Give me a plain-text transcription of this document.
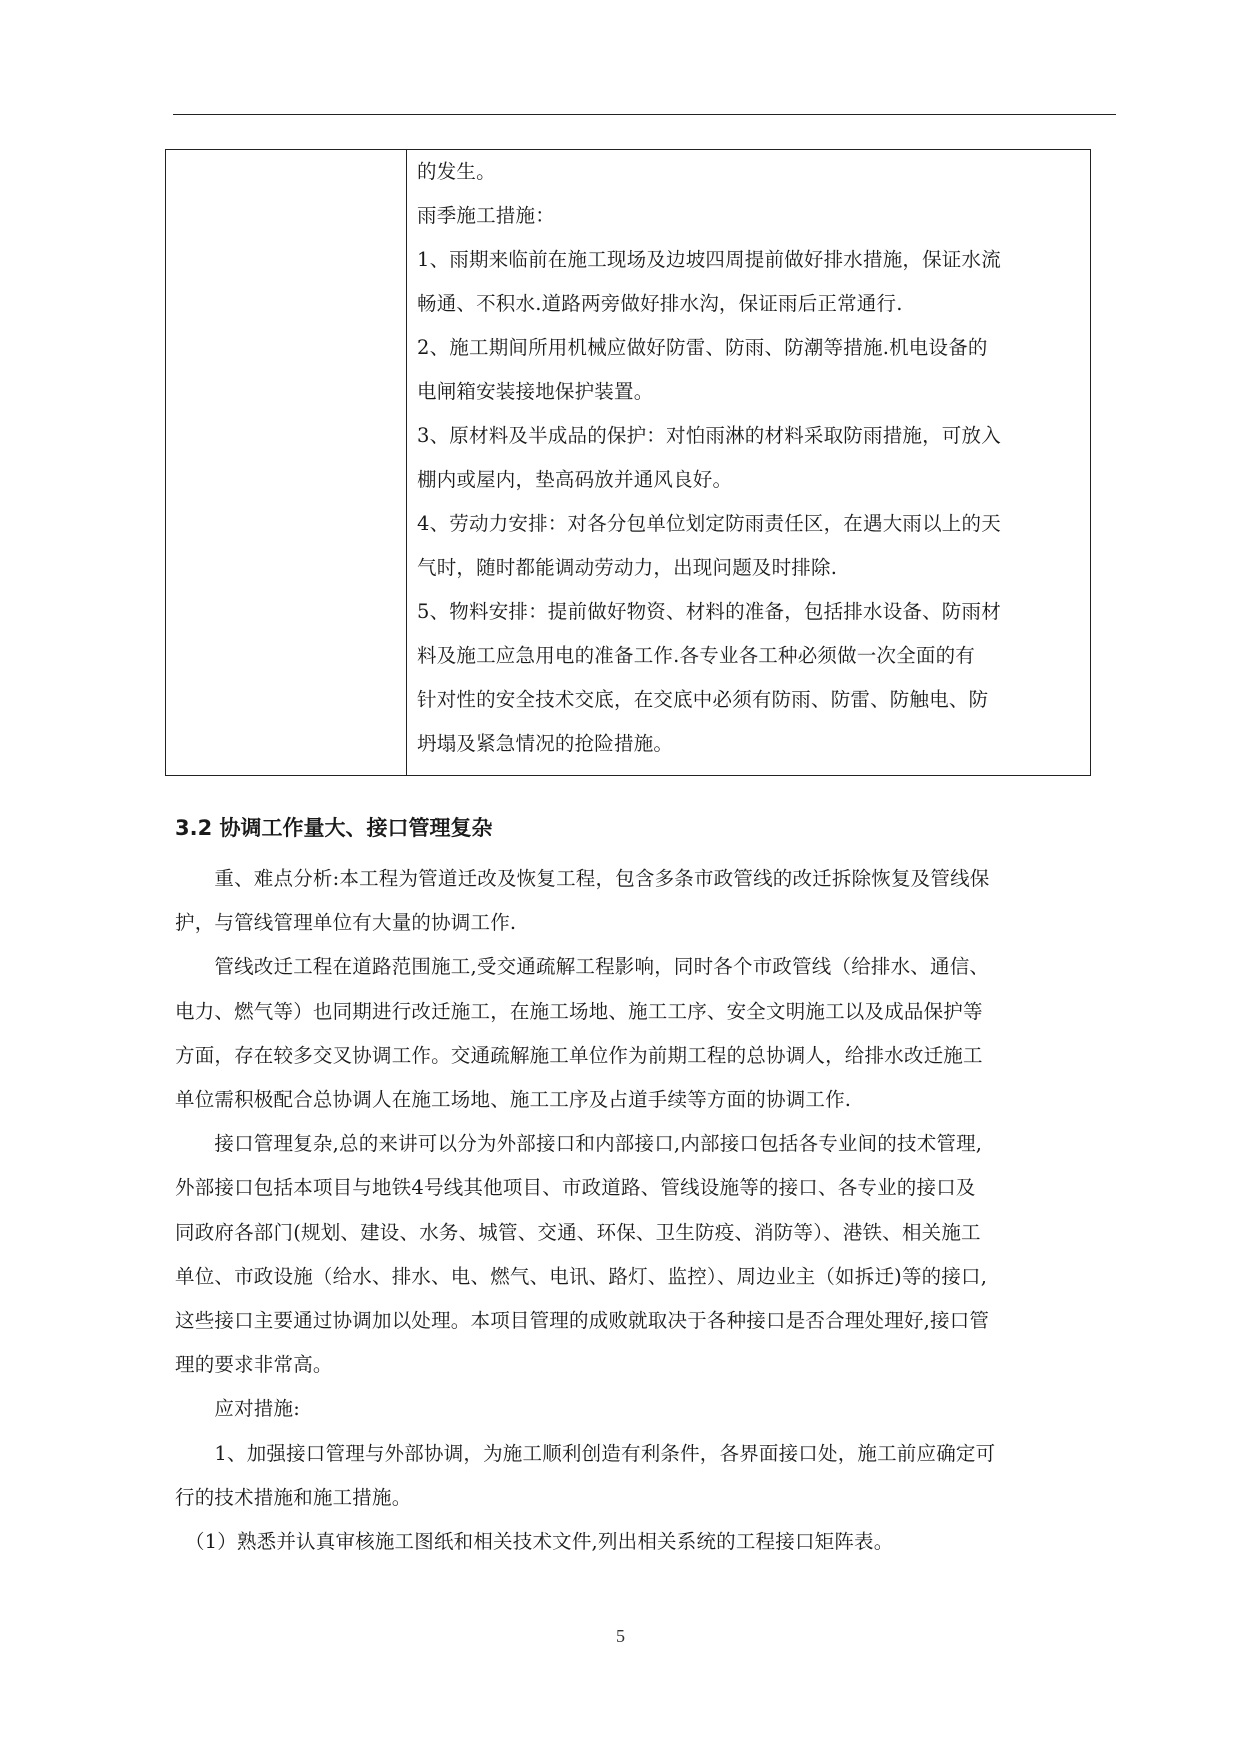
的发生。
雨季施工措施：
1、雨期来临前在施工现场及边坡四周提前做好排水措施，保证水流
畅通、不积水.道路两旁做好排水沟，保证雨后正常通行.
2、施工期间所用机械应做好防雷、防雨、防潮等措施.机电设备的
电闸箱安装接地保护装置。
3、原材料及半成品的保护：对怕雨淋的材料采取防雨措施，可放入
棚内或屋内，垫高码放并通风良好。
4、劳动力安排：对各分包单位划定防雨责任区，在遇大雨以上的天
气时，随时都能调动劳动力，出现问题及时排除.
5、物料安排：提前做好物资、材料的准备，包括排水设备、防雨材
料及施工应急用电的准备工作.各专业各工种必须做一次全面的有
针对性的安全技术交底，在交底中必须有防雨、防雷、防触电、防
坍塌及紧急情况的抢险措施。
3.2 协调工作量大、接口管理复杂
　　重、难点分析:本工程为管道迁改及恢复工程，包含多条市政管线的改迁拆除恢复及管线保
护，与管线管理单位有大量的协调工作.
　　管线改迁工程在道路范围施工,受交通疏解工程影响，同时各个市政管线（给排水、通信、
电力、燃气等）也同期进行改迁施工，在施工场地、施工工序、安全文明施工以及成品保护等
方面，存在较多交叉协调工作。交通疏解施工单位作为前期工程的总协调人，给排水改迁施工
单位需积极配合总协调人在施工场地、施工工序及占道手续等方面的协调工作.
　　接口管理复杂,总的来讲可以分为外部接口和内部接口,内部接口包括各专业间的技术管理,
外部接口包括本项目与地铁4号线其他项目、市政道路、管线设施等的接口、各专业的接口及
同政府各部门(规划、建设、水务、城管、交通、环保、卫生防疫、消防等）、港铁、相关施工
单位、市政设施（给水、排水、电、燃气、电讯、路灯、监控）、周边业主（如拆迁)等的接口,
这些接口主要通过协调加以处理。本项目管理的成败就取决于各种接口是否合理处理好,接口管
理的要求非常高。
　　应对措施:
　　1、加强接口管理与外部协调，为施工顺利创造有利条件，各界面接口处，施工前应确定可
行的技术措施和施工措施。
　（1）熟悉并认真审核施工图纸和相关技术文件,列出相关系统的工程接口矩阵表。
5
